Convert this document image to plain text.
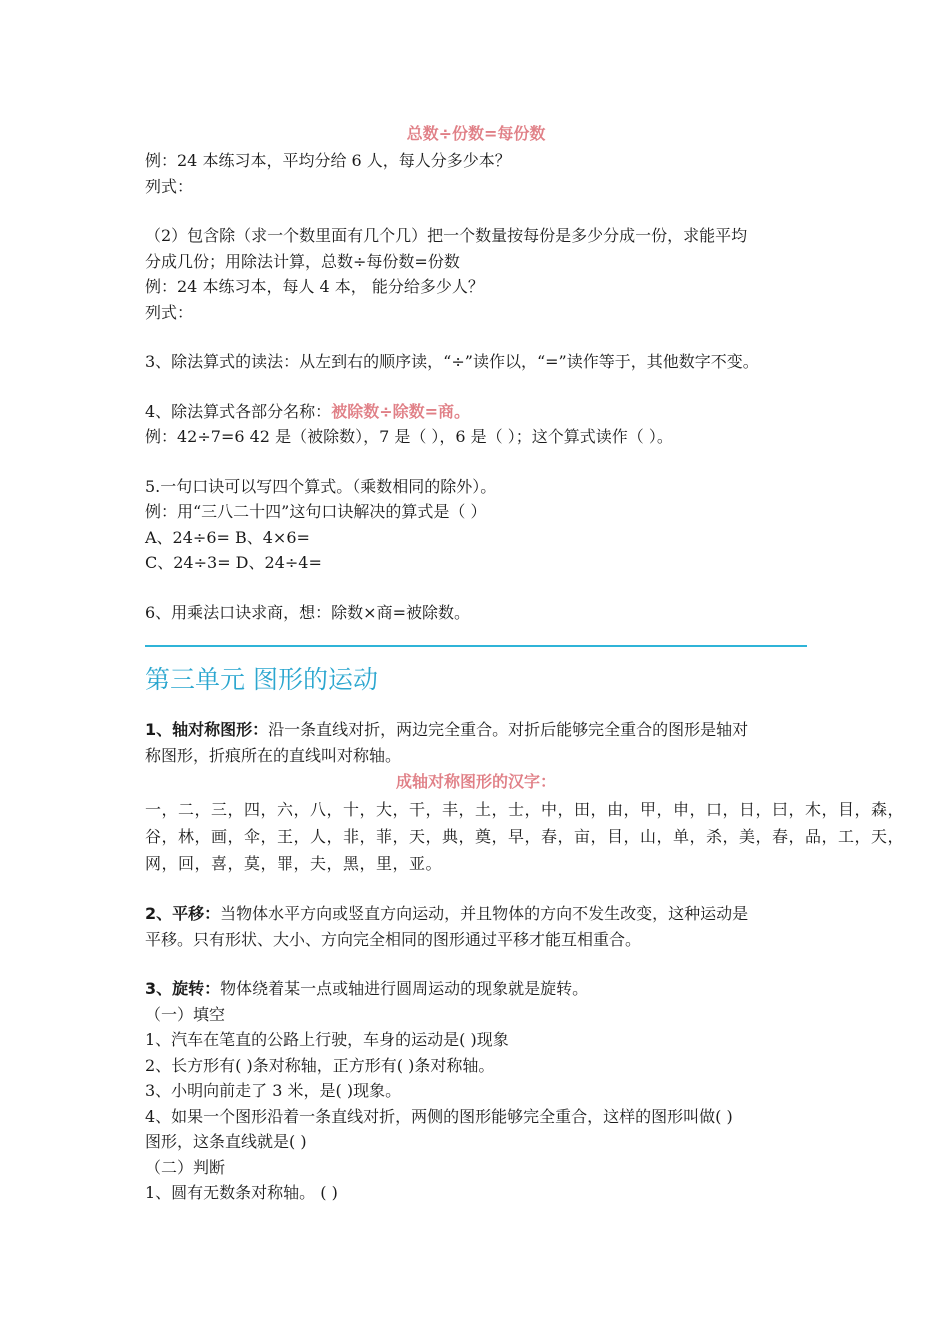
总数÷份数=每份数
例：24 本练习本，平均分给 6 人，每人分多少本？
列式：
（2）包含除（求一个数里面有几个几）把一个数量按每份是多少分成一份，求能平均
分成几份；用除法计算，总数÷每份数=份数
例：24 本练习本，每人 4 本， 能分给多少人？
列式：
3、除法算式的读法：从左到右的顺序读，“÷”读作以，“=”读作等于，其他数字不变。
4、除法算式各部分名称：被除数÷除数=商。
例：42÷7=6 42 是（被除数），7 是（ ），6 是（ ）；这个算式读作（ ）。
5.一句口诀可以写四个算式。（乘数相同的除外）。
例：用“三八二十四”这句口诀解决的算式是（ ）
A、24÷6= B、4×6=
C、24÷3= D、24÷4=
6、用乘法口诀求商，想：除数×商=被除数。
第三单元 图形的运动
1、轴对称图形：沿一条直线对折，两边完全重合。对折后能够完全重合的图形是轴对
称图形，折痕所在的直线叫对称轴。
成轴对称图形的汉字：
一，二，三，四，六，八，十，大，干，丰，土，士，中，田，由，甲，申，口，日，曰，木，目，森，
谷，林，画，伞，王，人，非，菲，天，典，奠，早，春，亩，目，山，单，杀，美，春，品，工，天，
网，回，喜，莫，罪，夫，黑，里，亚。
2、平移：当物体水平方向或竖直方向运动，并且物体的方向不发生改变，这种运动是
平移。只有形状、大小、方向完全相同的图形通过平移才能互相重合。
3、旋转：物体绕着某一点或轴进行圆周运动的现象就是旋转。
（一）填空
1、汽车在笔直的公路上行驶，车身的运动是( )现象
2、长方形有( )条对称轴，正方形有( )条对称轴。
3、小明向前走了 3 米，是( )现象。
4、如果一个图形沿着一条直线对折，两侧的图形能够完全重合，这样的图形叫做( )
图形，这条直线就是( )
（二）判断
1、圆有无数条对称轴。 ( )
